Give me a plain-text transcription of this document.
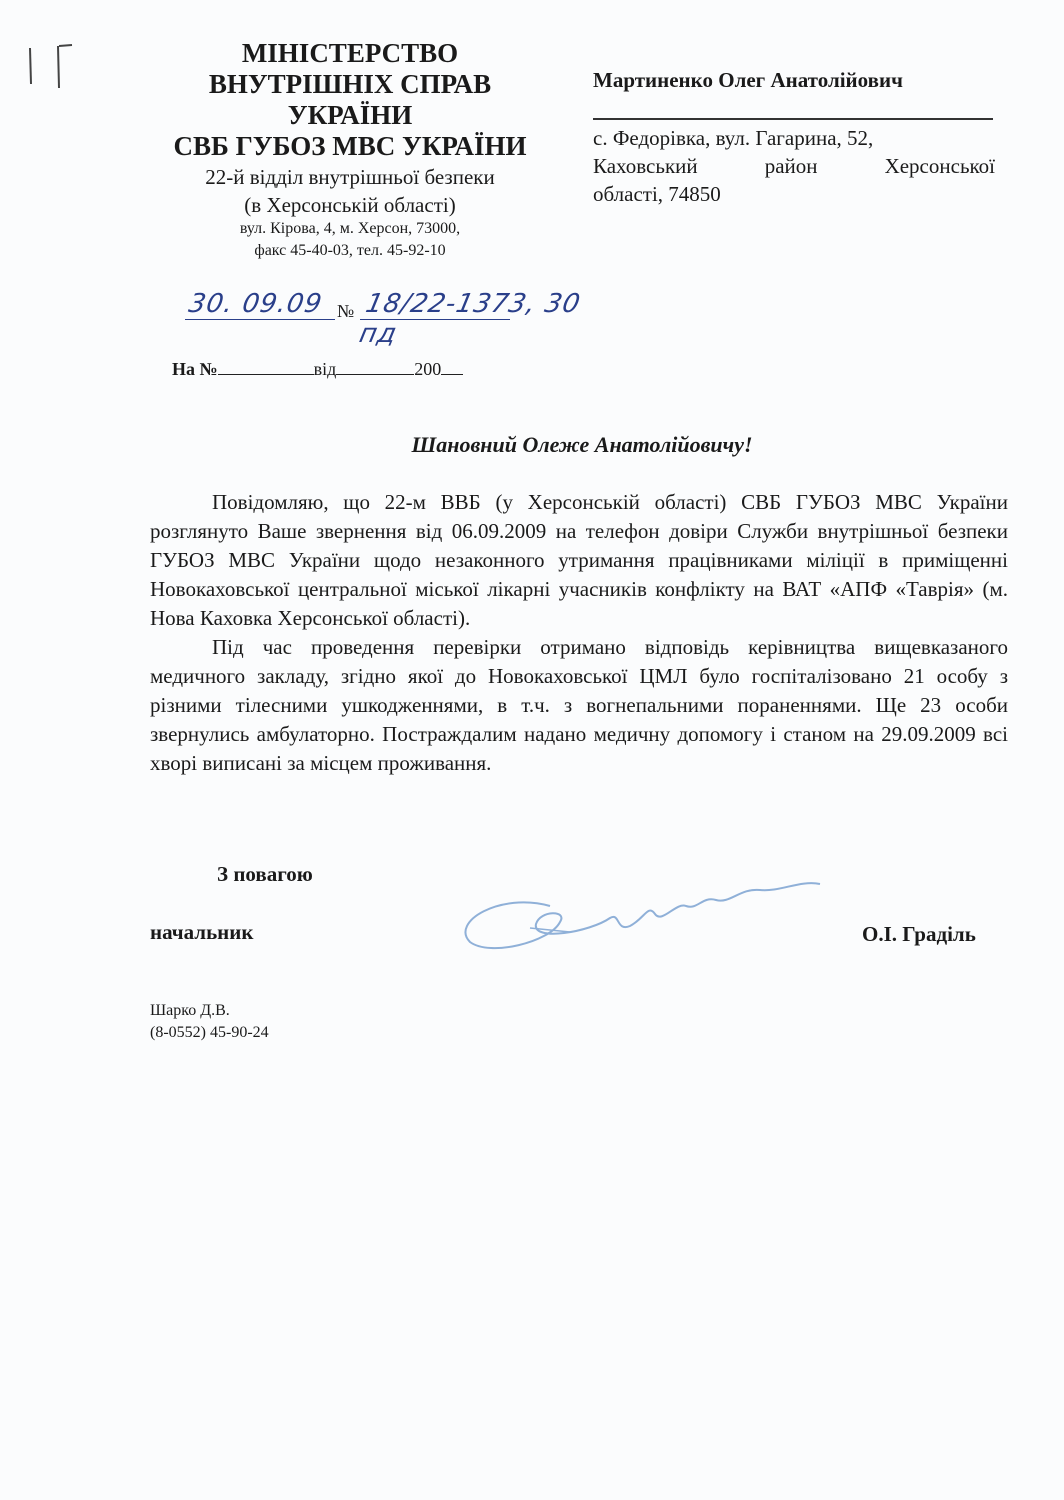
МІНІСТЕРСТВО
ВНУТРІШНІХ СПРАВ
УКРАЇНИ
СВБ ГУБОЗ МВС УКРАЇНИ
22-й відділ внутрішньої безпеки
(в Херсонській області)
вул. Кірова, 4, м. Херсон, 73000,
факс 45-40-03, тел. 45-92-10
Мартиненко Олег Анатолійович
с. Федорівка, вул. Гагарина, 52,
Каховський район Херсонської
області, 74850
30. 09.09 № 18/22-1373, 30 пд
На №	від	200
Шановний Олеже Анатолійовичу!

Повідомляю, що 22-м ВВБ (у Херсонській області) СВБ ГУБОЗ МВС України розглянуто Ваше звернення від 06.09.2009 на телефон довіри Служби внутрішньої безпеки ГУБОЗ МВС України щодо незаконного утримання працівниками міліції в приміщенні Новокаховської центральної міської лікарні учасників конфлікту на ВАТ «АПФ «Таврія» (м. Нова Каховка Херсонської області).

Під час проведення перевірки отримано відповідь керівництва вищевказаного медичного закладу, згідно якої до Новокаховської ЦМЛ було госпіталізовано 21 особу з різними тілесними ушкодженнями, в т.ч. з вогнепальними пораненнями. Ще 23 особи звернулись амбулаторно. Постраждалим надано медичну допомогу і станом на 29.09.2009 всі хворі виписані за місцем проживання.

З повагою
начальник	О.І. Граділь
Шарко Д.В.
(8-0552) 45-90-24
